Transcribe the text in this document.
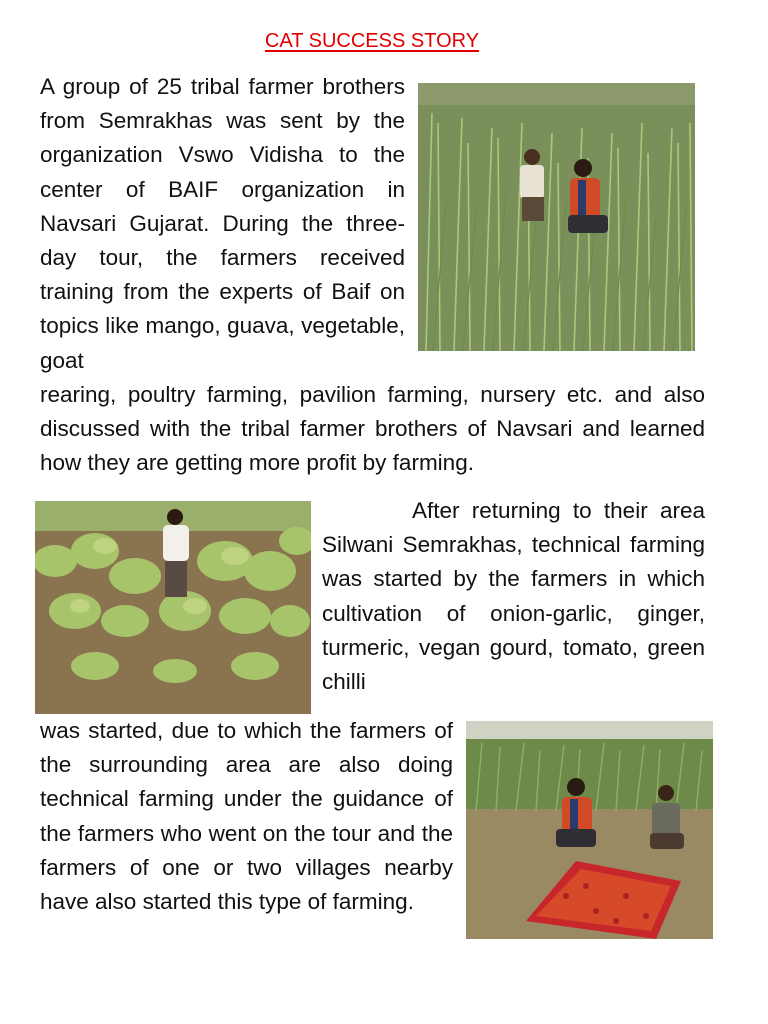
CAT SUCCESS STORY

A group of 25 tribal farmer brothers from Semrakhas was sent by the organization Vswo Vidisha to the center of BAIF organization in Navsari Gujarat. During the three-day tour, the farmers received training from the experts of Baif on topics like mango, guava, vegetable, goat

rearing, poultry farming, pavilion farming, nursery etc. and also discussed with the tribal farmer brothers of Navsari and learned how they are getting more profit by farming.

After returning to their area Silwani Semrakhas, technical farming was started by the farmers in which cultivation of onion-garlic, ginger, turmeric, vegan gourd, tomato, green chilli

was started, due to which the farmers of the surrounding area are also doing technical farming under the guidance of the farmers who went on the tour and the farmers of one or two villages nearby have also started this type of farming.
